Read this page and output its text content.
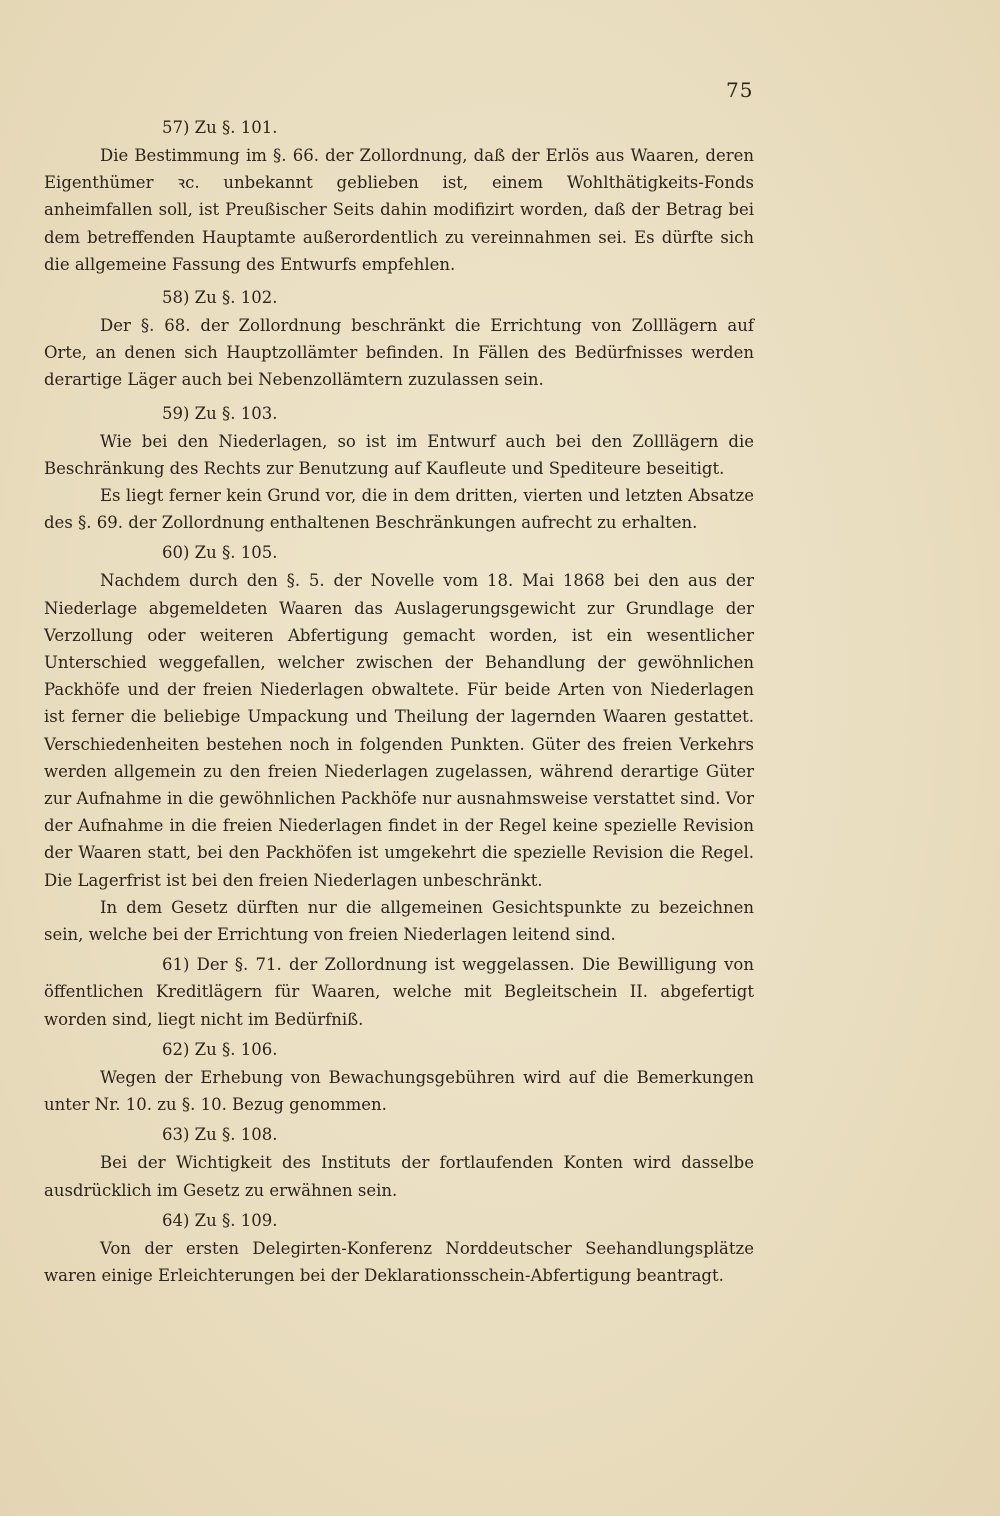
75

57) Zu §. 101.

Die Bestimmung im §. 66. der Zollordnung, daß der Erlös aus Waaren, deren Eigenthümer ꝛc. unbekannt geblieben ist, einem Wohlthätigkeits-Fonds anheimfallen soll, ist Preußischer Seits dahin modifizirt worden, daß der Betrag bei dem betreffenden Hauptamte außerordentlich zu vereinnahmen sei. Es dürfte sich die allgemeine Fassung des Entwurfs empfehlen.

58) Zu §. 102.

Der §. 68. der Zollordnung beschränkt die Errichtung von Zolllägern auf Orte, an denen sich Hauptzollämter befinden. In Fällen des Bedürfnisses werden derartige Läger auch bei Nebenzollämtern zuzulassen sein.

59) Zu §. 103.

Wie bei den Niederlagen, so ist im Entwurf auch bei den Zolllägern die Beschränkung des Rechts zur Benutzung auf Kaufleute und Spediteure beseitigt.

Es liegt ferner kein Grund vor, die in dem dritten, vierten und letzten Absatze des §. 69. der Zollordnung enthaltenen Beschränkungen aufrecht zu erhalten.

60) Zu §. 105.

Nachdem durch den §. 5. der Novelle vom 18. Mai 1868 bei den aus der Niederlage abgemeldeten Waaren das Auslagerungsgewicht zur Grundlage der Verzollung oder weiteren Abfertigung gemacht worden, ist ein wesentlicher Unterschied weggefallen, welcher zwischen der Behandlung der gewöhnlichen Packhöfe und der freien Niederlagen obwaltete. Für beide Arten von Niederlagen ist ferner die beliebige Umpackung und Theilung der lagernden Waaren gestattet. Verschiedenheiten bestehen noch in folgenden Punkten. Güter des freien Verkehrs werden allgemein zu den freien Niederlagen zugelassen, während derartige Güter zur Aufnahme in die gewöhnlichen Packhöfe nur ausnahmsweise verstattet sind. Vor der Aufnahme in die freien Niederlagen findet in der Regel keine spezielle Revision der Waaren statt, bei den Packhöfen ist umgekehrt die spezielle Revision die Regel. Die Lagerfrist ist bei den freien Niederlagen unbeschränkt.

In dem Gesetz dürften nur die allgemeinen Gesichtspunkte zu bezeichnen sein, welche bei der Errichtung von freien Niederlagen leitend sind.

61) Der §. 71. der Zollordnung ist weggelassen. Die Bewilligung von öffentlichen Kreditlägern für Waaren, welche mit Begleitschein II. abgefertigt worden sind, liegt nicht im Bedürfniß.

62) Zu §. 106.

Wegen der Erhebung von Bewachungsgebühren wird auf die Bemerkungen unter Nr. 10. zu §. 10. Bezug genommen.

63) Zu §. 108.

Bei der Wichtigkeit des Instituts der fortlaufenden Konten wird dasselbe ausdrücklich im Gesetz zu erwähnen sein.

64) Zu §. 109.

Von der ersten Delegirten-Konferenz Norddeutscher Seehandlungsplätze waren einige Erleichterungen bei der Deklarationsschein-Abfertigung beantragt.
